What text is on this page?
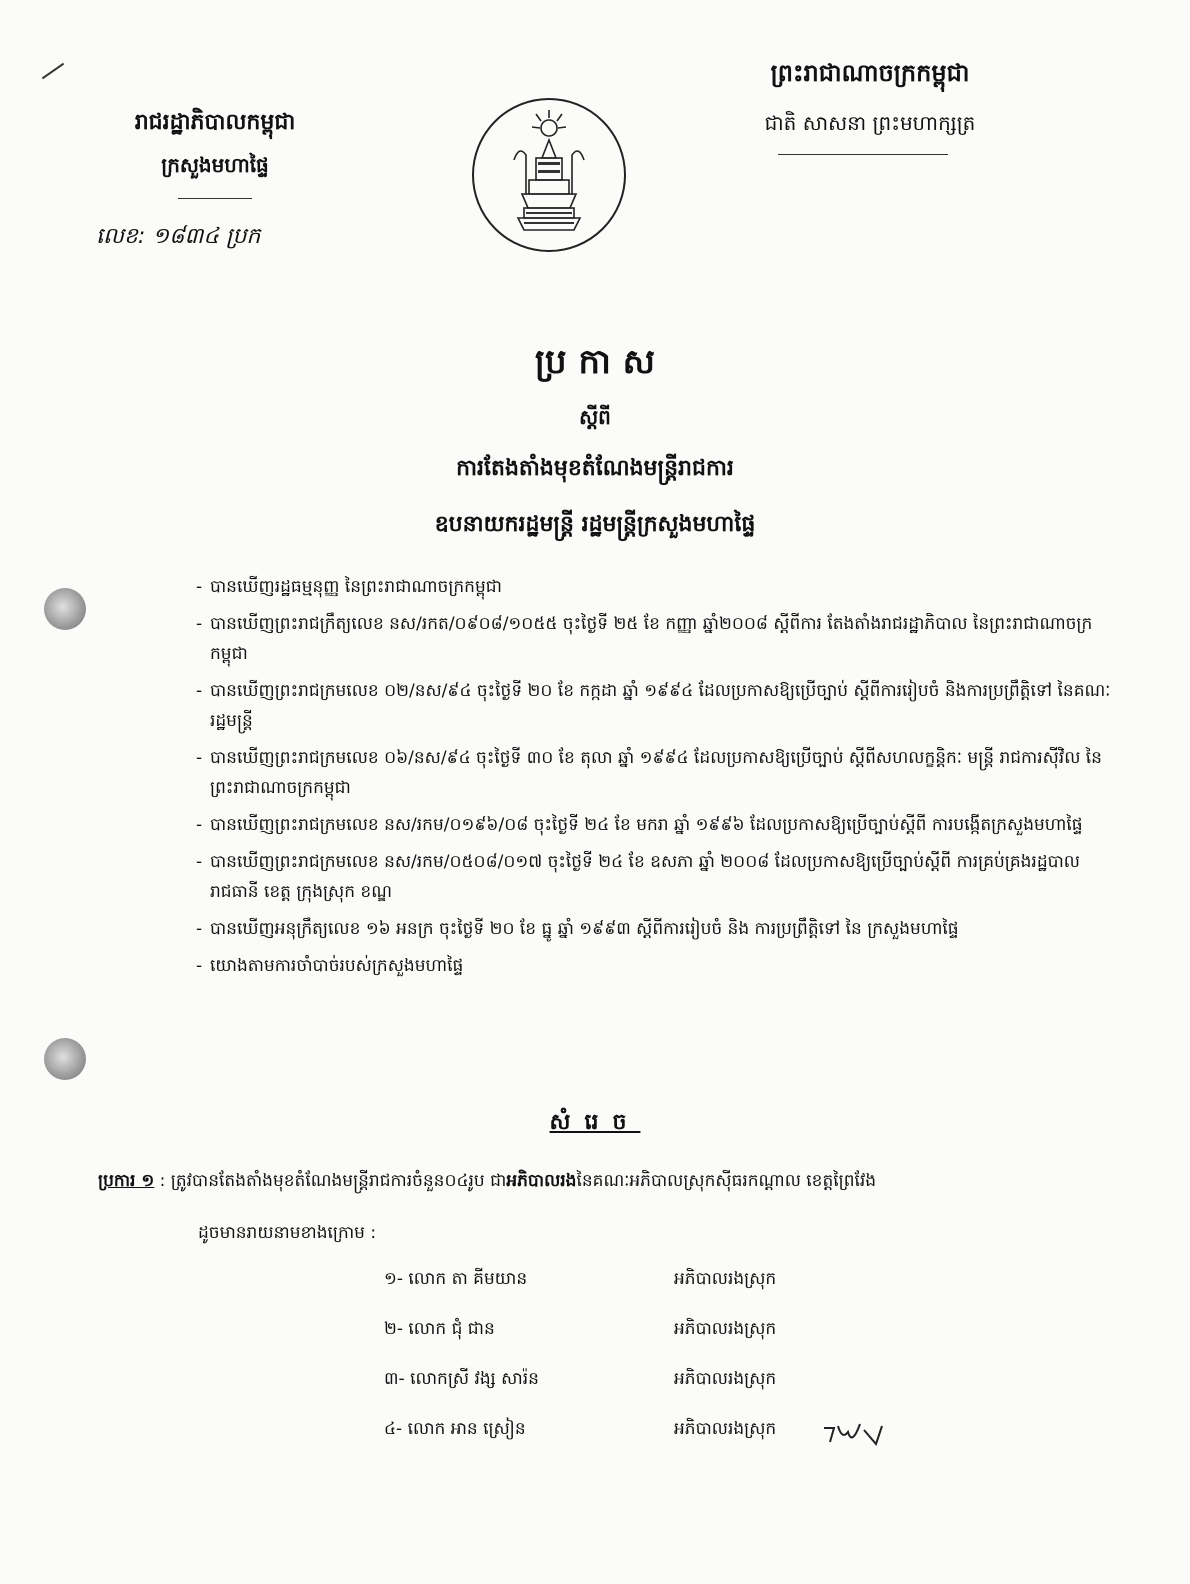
ព្រះរាជាណាចក្រកម្ពុជា
ជាតិ សាសនា ព្រះមហាក្សត្រ
រាជរដ្ឋាភិបាលកម្ពុជា
ក្រសួងមហាផ្ទៃ
លេខ: ១៨៣៤ ប្រក
ប្រ កា ស
ស្តីពី
ការតែងតាំងមុខតំណែងមន្ត្រីរាជការ
ឧបនាយករដ្ឋមន្ត្រី រដ្ឋមន្ត្រីក្រសួងមហាផ្ទៃ
- បានឃើញរដ្ឋធម្មនុញ្ញ នៃព្រះរាជាណាចក្រកម្ពុជា
- បានឃើញព្រះរាជក្រឹត្យលេខ នស/រកត/០៩០៨/១០៥៥ ចុះថ្ងៃទី ២៥ ខែ កញ្ញា ឆ្នាំ២០០៨ ស្តីពីការ តែងតាំងរាជរដ្ឋាភិបាល នៃព្រះរាជាណាចក្រកម្ពុជា
- បានឃើញព្រះរាជក្រមលេខ ០២/នស/៩៤ ចុះថ្ងៃទី ២០ ខែ កក្កដា ឆ្នាំ ១៩៩៤ ដែលប្រកាសឱ្យប្រើច្បាប់ ស្តីពីការរៀបចំ និងការប្រព្រឹត្តិទៅ នៃគណៈរដ្ឋមន្ត្រី
- បានឃើញព្រះរាជក្រមលេខ ០៦/នស/៩៤ ចុះថ្ងៃទី ៣០ ខែ តុលា ឆ្នាំ ១៩៩៤ ដែលប្រកាសឱ្យប្រើច្បាប់ ស្តីពីសហលក្ខន្តិកៈ មន្ត្រី រាជការស៊ីវិល នៃព្រះរាជាណាចក្រកម្ពុជា
- បានឃើញព្រះរាជក្រមលេខ នស/រកម/០១៩៦/០៨ ចុះថ្ងៃទី ២៤ ខែ មករា ឆ្នាំ ១៩៩៦ ដែលប្រកាសឱ្យប្រើច្បាប់ស្តីពី ការបង្កើតក្រសួងមហាផ្ទៃ
- បានឃើញព្រះរាជក្រមលេខ នស/រកម/០៥០៨/០១៧ ចុះថ្ងៃទី ២៤ ខែ ឧសភា ឆ្នាំ ២០០៨ ដែលប្រកាសឱ្យប្រើច្បាប់ស្តីពី ការគ្រប់គ្រងរដ្ឋបាលរាជធានី ខេត្ត ក្រុងស្រុក ខណ្ឌ
- បានឃើញអនុក្រឹត្យលេខ ១៦ អនក្រ ចុះថ្ងៃទី ២០ ខែ ធ្នូ ឆ្នាំ ១៩៩៣ ស្តីពីការរៀបចំ និង ការប្រព្រឹត្តិទៅ នៃ ក្រសួងមហាផ្ទៃ
- យោងតាមការចាំបាច់របស់ក្រសួងមហាផ្ទៃ
សំរេច
ប្រការ ១ : ត្រូវបានតែងតាំងមុខតំណែងមន្ត្រីរាជការចំនួន០៤រូប ជាអភិបាលរងនៃគណៈអភិបាលស្រុកស៊ីធរកណ្តាល ខេត្តព្រៃវែង
ដូចមានរាយនាមខាងក្រោម :
១- លោក តា គីមយាន	អភិបាលរងស្រុក
២- លោក ជុំ ជាន	អភិបាលរងស្រុក
៣- លោកស្រី វង្ស សារ៉ន	អភិបាលរងស្រុក
៤- លោក អាន ស្រៀន	អភិបាលរងស្រុក
